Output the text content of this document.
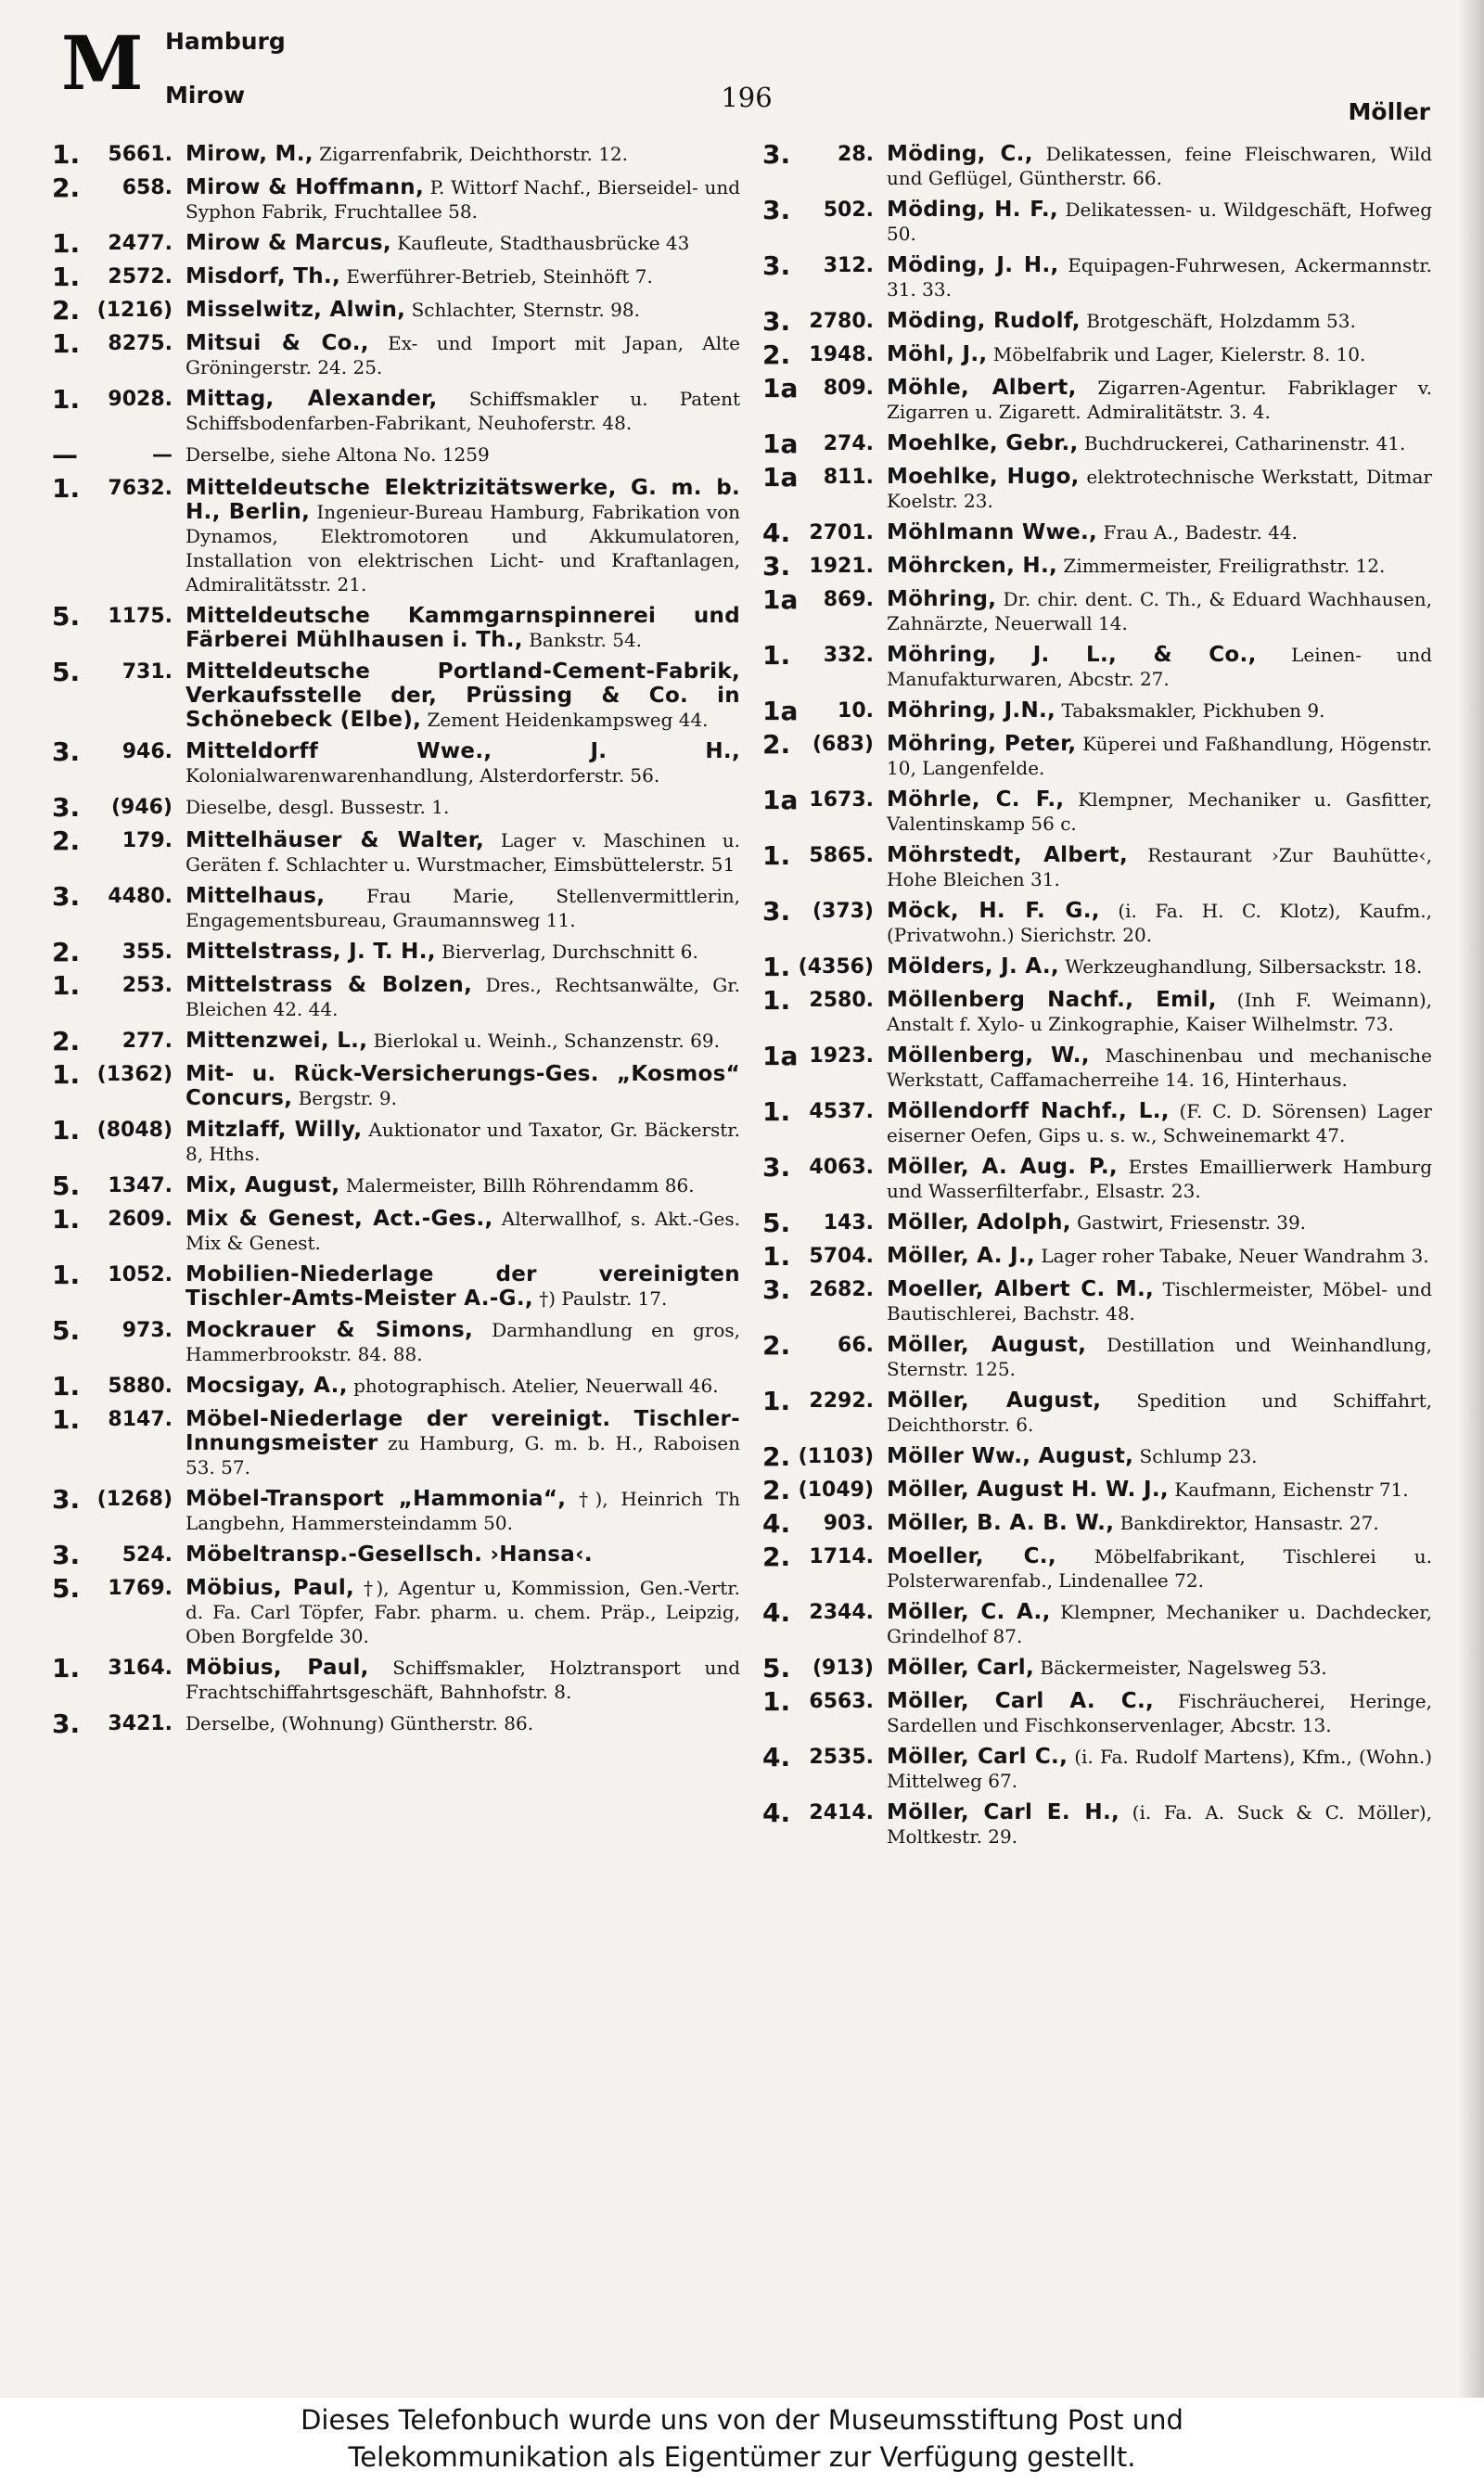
M Hamburg
Mirow	196	Möller
1.	5661. Mirow, M., Zigarrenfabrik, Deichthorstr. 12.
2.	658. Mirow & Hoffmann, P. Wittorf Nachf., Bierseidel- und Syphon Fabrik, Fruchtallee 58.
1.	2477. Mirow & Marcus, Kaufleute, Stadthausbrücke 43
1.	2572. Misdorf, Th., Ewerführer-Betrieb, Steinhöft 7.
2. (1216) Misselwitz, Alwin, Schlachter, Sternstr. 98.
1.	8275. Mitsui & Co., Ex- und Import mit Japan, Alte Gröningerstr. 24. 25.
1.	9028. Mittag, Alexander, Schiffsmakler u. Patent Schiffsbodenfarben-Fabrikant, Neuhoferstr. 48.
—	— Derselbe, siehe Altona No. 1259
1.	7632. Mitteldeutsche Elektrizitätswerke, G. m. b. H., Berlin, Ingenieur-Bureau Hamburg, Fabrikation von Dynamos, Elektromotoren und Akkumulatoren, Installation von elektrischen Licht- und Kraftanlagen, Admiralitätsstr. 21.
5.	1175. Mitteldeutsche Kammgarnspinnerei und Färberei Mühlhausen i. Th., Bankstr. 54.
5.	731. Mitteldeutsche Portland-Cement-Fabrik, Verkaufsstelle der, Prüssing & Co. in Schönebeck (Elbe), Zement Heidenkampsweg 44.
3.	946. Mitteldorff Wwe., J. H., Kolonialwarenwarenhandlung, Alsterdorferstr. 56.
3.	(946) Dieselbe, desgl. Bussestr. 1.
2.	179. Mittelhäuser & Walter, Lager v. Maschinen u. Geräten f. Schlachter u. Wurstmacher, Eimsbüttelerstr. 51
3.	4480. Mittelhaus, Frau Marie, Stellenvermittlerin, Engagementsbureau, Graumannsweg 11.
2.	355. Mittelstrass, J. T. H., Bierverlag, Durchschnitt 6.
1.	253. Mittelstrass & Bolzen, Dres., Rechtsanwälte, Gr. Bleichen 42. 44.
2.	277. Mittenzwei, L., Bierlokal u. Weinh., Schanzenstr. 69.
1. (1362) Mit- u. Rück-Versicherungs-Ges. „Kosmos“ Concurs, Bergstr. 9.
1. (8048) Mitzlaff, Willy, Auktionator und Taxator, Gr. Bäckerstr. 8, Hths.
5.	1347. Mix, August, Malermeister, Billh Röhrendamm 86.
1.	2609. Mix & Genest, Act.-Ges., Alterwallhof, s. Akt.-Ges. Mix & Genest.
1.	1052. Mobilien-Niederlage der vereinigten Tischler-Amts-Meister A.-G., †) Paulstr. 17.
5.	973. Mockrauer & Simons, Darmhandlung en gros, Hammerbrookstr. 84. 88.
1.	5880. Mocsigay, A., photographisch. Atelier, Neuerwall 46.
1.	8147. Möbel-Niederlage der vereinigt. Tischler-Innungsmeister zu Hamburg, G. m. b. H., Raboisen 53. 57.
3. (1268) Möbel-Transport „Hammonia“, †), Heinrich Th Langbehn, Hammersteindamm 50.
3.	524. Möbeltransp.-Gesellsch. ›Hansa‹.
5.	1769. Möbius, Paul, †), Agentur u, Kommission, Gen.-Vertr. d. Fa. Carl Töpfer, Fabr. pharm. u. chem. Präp., Leipzig, Oben Borgfelde 30.
1.	3164. Möbius, Paul, Schiffsmakler, Holztransport und Frachtschiffahrtsgeschäft, Bahnhofstr. 8.
3.	3421. Derselbe, (Wohnung) Güntherstr. 86.
3.	28. Möding, C., Delikatessen, feine Fleischwaren, Wild und Geflügel, Güntherstr. 66.
3.	502. Möding, H. F., Delikatessen- u. Wildgeschäft, Hofweg 50.
3.	312. Möding, J. H., Equipagen-Fuhrwesen, Ackermannstr. 31. 33.
3. 2780. Möding, Rudolf, Brotgeschäft, Holzdamm 53.
2. 1948. Möhl, J., Möbelfabrik und Lager, Kielerstr. 8. 10.
1a	809. Möhle, Albert, Zigarren-Agentur. Fabriklager v. Zigarren u. Zigarett. Admiralitätstr. 3. 4.
1a	274. Moehlke, Gebr., Buchdruckerei, Catharinenstr. 41.
1a	811. Moehlke, Hugo, elektrotechnische Werkstatt, Ditmar Koelstr. 23.
4. 2701. Möhlmann Wwe., Frau A., Badestr. 44.
3. 1921. Möhrcken, H., Zimmermeister, Freiligrathstr. 12.
1a	869. Möhring, Dr. chir. dent. C. Th., & Eduard Wachhausen, Zahnärzte, Neuerwall 14.
1.	332. Möhring, J. L., & Co., Leinen- und Manufakturwaren, Abcstr. 27.
1a	10. Möhring, J.N., Tabaksmakler, Pickhuben 9.
2.	(683) Möhring, Peter, Küperei und Faßhandlung, Högenstr. 10, Langenfelde.
1a 1673. Möhrle, C. F., Klempner, Mechaniker u. Gasfitter, Valentinskamp 56 c.
1. 5865. Möhrstedt, Albert, Restaurant ›Zur Bauhütte‹, Hohe Bleichen 31.
3.	(373) Möck, H. F. G., (i. Fa. H. C. Klotz), Kaufm., (Privatwohn.) Sierichstr. 20.
1. (4356) Mölders, J. A., Werkzeughandlung, Silbersackstr. 18.
1. 2580. Möllenberg Nachf., Emil, (Inh F. Weimann), Anstalt f. Xylo- u Zinkographie, Kaiser Wilhelmstr. 73.
1a 1923. Möllenberg, W., Maschinenbau und mechanische Werkstatt, Caffamacherreihe 14. 16, Hinterhaus.
1. 4537. Möllendorff Nachf., L., (F. C. D. Sörensen) Lager eiserner Oefen, Gips u. s. w., Schweinemarkt 47.
3. 4063. Möller, A. Aug. P., Erstes Emaillierwerk Hamburg und Wasserfilterfabr., Elsastr. 23.
5.	143. Möller, Adolph, Gastwirt, Friesenstr. 39.
1. 5704. Möller, A. J., Lager roher Tabake, Neuer Wandrahm 3.
3. 2682. Moeller, Albert C. M., Tischlermeister, Möbel- und Bautischlerei, Bachstr. 48.
2.	66. Möller, August, Destillation und Weinhandlung, Sternstr. 125.
1. 2292. Möller, August, Spedition und Schiffahrt, Deichthorstr. 6.
2. (1103) Möller Ww., August, Schlump 23.
2. (1049) Möller, August H. W. J., Kaufmann, Eichenstr 71.
4.	903. Möller, B. A. B. W., Bankdirektor, Hansastr. 27.
2. 1714. Moeller, C., Möbelfabrikant, Tischlerei u. Polsterwarenfab., Lindenallee 72.
4. 2344. Möller, C. A., Klempner, Mechaniker u. Dachdecker, Grindelhof 87.
5.	(913) Möller, Carl, Bäckermeister, Nagelsweg 53.
1. 6563. Möller, Carl A. C., Fischräucherei, Heringe, Sardellen und Fischkonservenlager, Abcstr. 13.
4. 2535. Möller, Carl C., (i. Fa. Rudolf Martens), Kfm., (Wohn.) Mittelweg 67.
4. 2414. Möller, Carl E. H., (i. Fa. A. Suck & C. Möller), Moltkestr. 29.
Dieses Telefonbuch wurde uns von der Museumsstiftung Post und
Telekommunikation als Eigentümer zur Verfügung gestellt.
